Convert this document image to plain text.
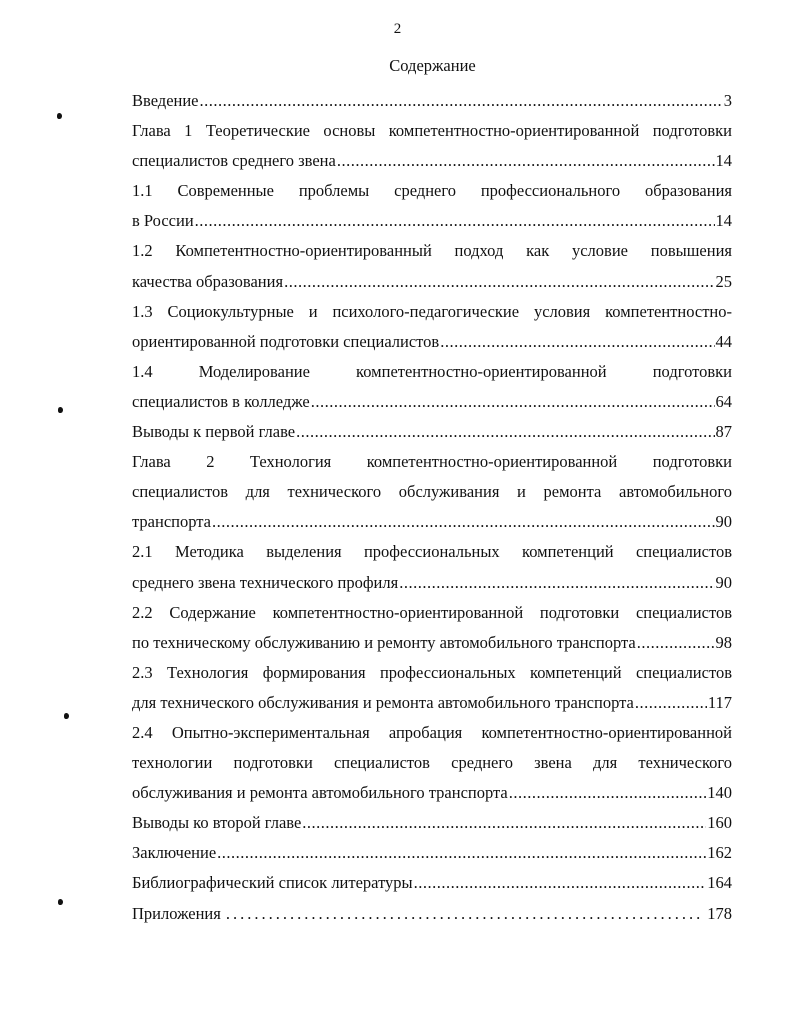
2
Содержание
Введение .....	3
Глава 1 Теоретические основы компетентностно-ориентированной подготовки
специалистов среднего звена .....	14
1.1 Современные проблемы среднего профессионального образования
в России .....	14
1.2 Компетентностно-ориентированный подход как условие повышения
качества образования .....	25
1.3 Социокультурные и психолого-педагогические условия компетентностно-
ориентированной подготовки специалистов .....	44
1.4 Моделирование компетентностно-ориентированной подготовки
специалистов в колледже .....	64
Выводы к первой главе .....	87
Глава 2 Технология компетентностно-ориентированной подготовки
специалистов для технического обслуживания и ремонта автомобильного
транспорта .....	90
2.1 Методика выделения профессиональных компетенций специалистов
среднего звена технического профиля .....	90
2.2 Содержание компетентностно-ориентированной подготовки специалистов
по техническому обслуживанию и ремонту автомобильного транспорта .....	98
2.3 Технология формирования профессиональных компетенций специалистов
для технического обслуживания и ремонта автомобильного транспорта .....	117
2.4 Опытно-экспериментальная апробация компетентностно-ориентированной
технологии подготовки специалистов среднего звена для технического
обслуживания и ремонта автомобильного транспорта .....	140
Выводы ко второй главе .....	160
Заключение .....	162
Библиографический список литературы .....	164
Приложения .....	178
